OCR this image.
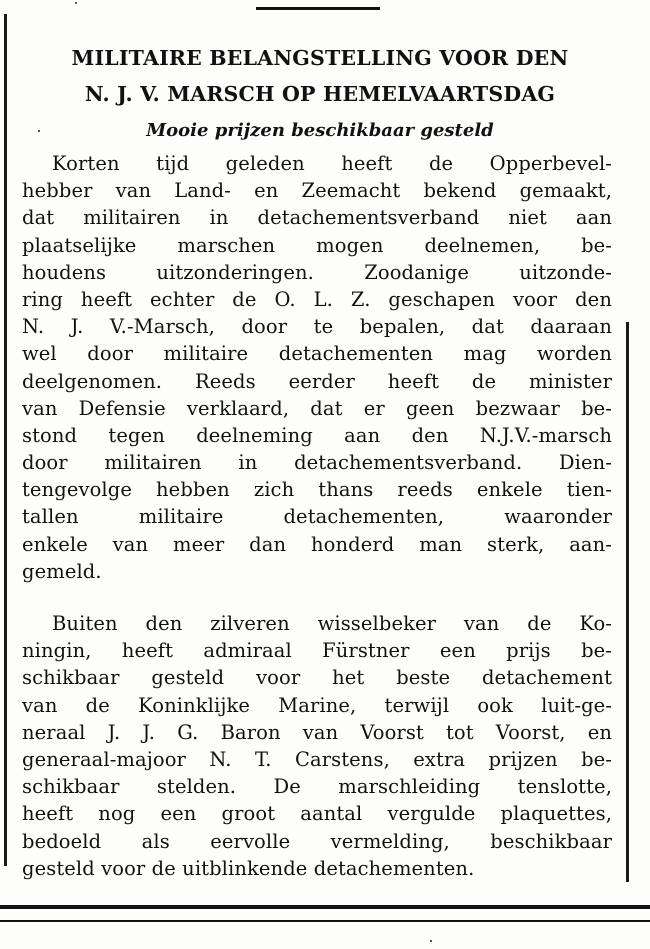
MILITAIRE BELANGSTELLING VOOR DEN
N. J. V. MARSCH OP HEMELVAARTSDAG
Mooie prijzen beschikbaar gesteld
Korten tijd geleden heeft de Opperbevel-
hebber van Land- en Zeemacht bekend gemaakt,
dat militairen in detachementsverband niet aan
plaatselijke marschen mogen deelnemen, be-
houdens uitzonderingen. Zoodanige uitzonde-
ring heeft echter de O. L. Z. geschapen voor den
N. J. V.-Marsch, door te bepalen, dat daaraan
wel door militaire detachementen mag worden
deelgenomen. Reeds eerder heeft de minister
van Defensie verklaard, dat er geen bezwaar be-
stond tegen deelneming aan den N.J.V.-marsch
door militairen in detachementsverband. Dien-
tengevolge hebben zich thans reeds enkele tien-
tallen militaire detachementen, waaronder
enkele van meer dan honderd man sterk, aan-
gemeld.
Buiten den zilveren wisselbeker van de Ko-
ningin, heeft admiraal Fürstner een prijs be-
schikbaar gesteld voor het beste detachement
van de Koninklijke Marine, terwijl ook luit-ge-
neraal J. J. G. Baron van Voorst tot Voorst, en
generaal-majoor N. T. Carstens, extra prijzen be-
schikbaar stelden. De marschleiding tenslotte,
heeft nog een groot aantal vergulde plaquettes,
bedoeld als eervolle vermelding, beschikbaar
gesteld voor de uitblinkende detachementen.
